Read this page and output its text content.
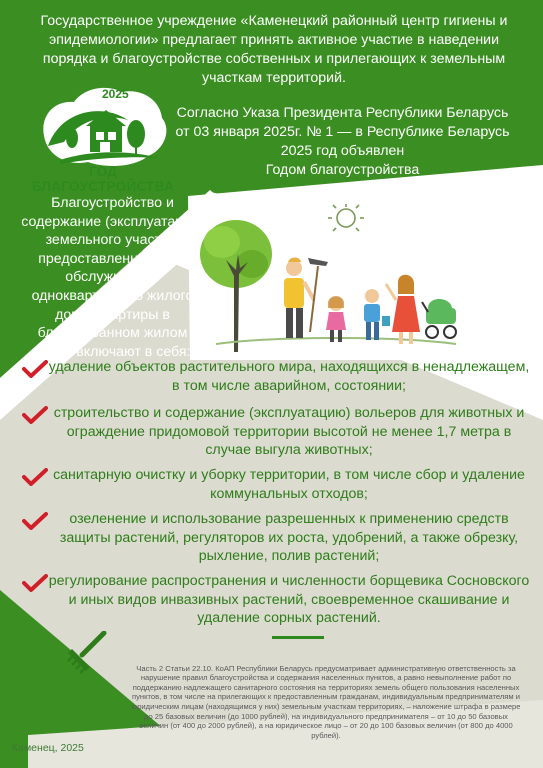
Государственное учреждение «Каменецкий районный центр гигиены и эпидемиологии» предлагает принять активное участие в наведении порядка и благоустройстве собственных и прилегающих к земельным участкам территорий.

Согласно Указа Президента Республики Беларусь
от 03 января 2025г. № 1 — в Республике Беларусь
2025 год объявлен
Годом благоустройства
2025
ГОД БЛАГОУСТРОЙСТВА

Благоустройство и содержание (эксплуатация) земельного участка, предоставленного для обслуживания одноквартирного жилого дома, квартиры в блокированном жилом доме, включают в себя:

удаление объектов растительного мира, находящихся в ненадлежащем, в том числе аварийном, состоянии;
строительство и содержание (эксплуатацию) вольеров для животных и ограждение придомовой территории высотой не менее 1,7 метра в случае выгула животных;
санитарную очистку и уборку территории, в том числе сбор и удаление коммунальных отходов;
озеленение и использование разрешенных к применению средств защиты растений, регуляторов их роста, удобрений, а также обрезку, рыхление, полив растений;
регулирование распространения и численности борщевика Сосновского и иных видов инвазивных растений, своевременное скашивание и удаление сорных растений.

Часть 2 Статьи 22.10. КоАП Республики Беларусь предусматривает административную ответственность за нарушение правил благоустройства и содержания населенных пунктов, а равно невыполнение работ по поддержанию надлежащего санитарного состояния на территориях земель общего пользования населенных пунктов, в том числе на прилегающих к предоставленным гражданам, индивидуальным предпринимателям и юридическим лицам (находящимся у них) земельным участкам территориях, – наложение штрафа в размере до 25 базовых величин (до 1000 рублей), на индивидуального предпринимателя – от 10 до 50 базовых величин (от 400 до 2000 рублей), а на юридическое лицо – от 20 до 100 базовых величин (от 800 до 4000 рублей).

Каменец, 2025
